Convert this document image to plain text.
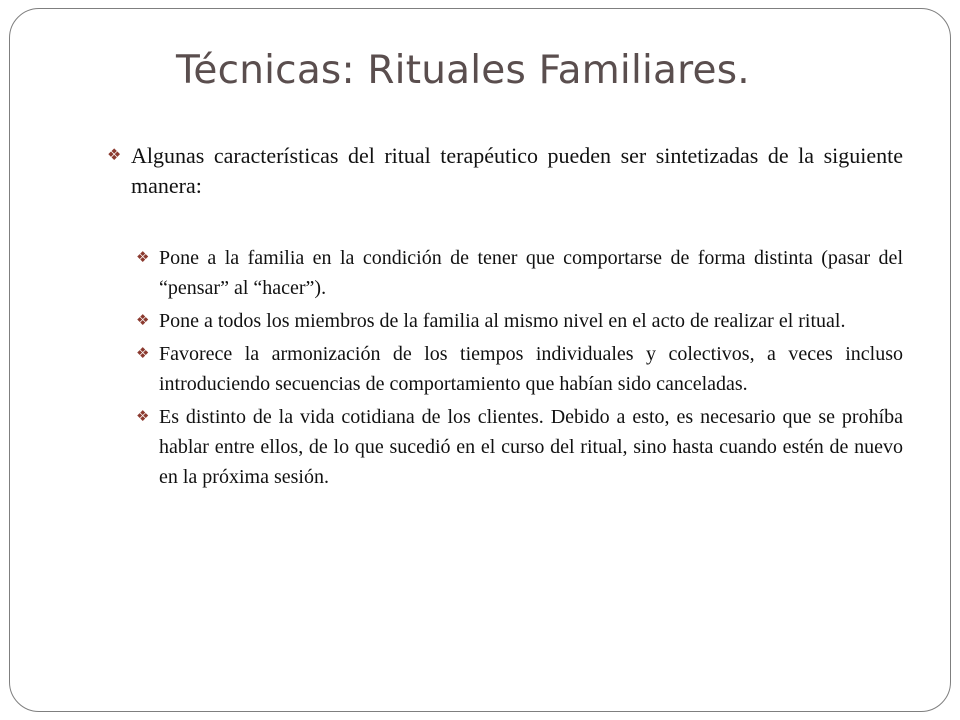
Técnicas: Rituales Familiares.
❖ Algunas características del ritual terapéutico pueden ser sintetizadas de la siguiente manera:
❖ Pone a la familia en la condición de tener que comportarse de forma distinta (pasar del “pensar” al “hacer”).
❖ Pone a todos los miembros de la familia al mismo nivel en el acto de realizar el ritual.
❖ Favorece la armonización de los tiempos individuales y colectivos, a veces incluso introduciendo secuencias de comportamiento que habían sido canceladas.
❖ Es distinto de la vida cotidiana de los clientes. Debido a esto, es necesario que se prohíba hablar entre ellos, de lo que sucedió en el curso del ritual, sino hasta cuando estén de nuevo en la próxima sesión.
